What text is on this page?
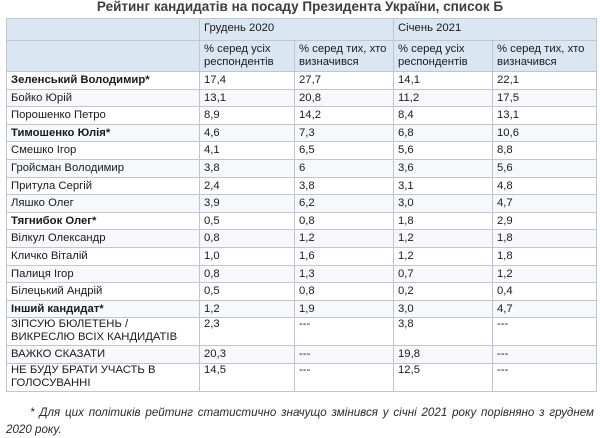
Рейтинг кандидатів на посаду Президента України, список Б
	Грудень 2020		Січень 2021	
	% серед усіх респондентів	% серед тих, хто визначився	% серед усіх респондентів	% серед тих, хто визначився
Зеленський Володимир*	17,4	27,7	14,1	22,1
Бойко Юрій	13,1	20,8	11,2	17,5
Порошенко Петро	8,9	14,2	8,4	13,1
Тимошенко Юлія*	4,6	7,3	6,8	10,6
Смешко Ігор	4,1	6,5	5,6	8,8
Гройсман Володимир	3,8	6	3,6	5,6
Притула Сергій	2,4	3,8	3,1	4,8
Ляшко Олег	3,9	6,2	3,0	4,7
Тягнибок Олег*	0,5	0,8	1,8	2,9
Вілкул Олександр	0,8	1,2	1,2	1,8
Кличко Віталій	1,0	1,6	1,2	1,8
Палиця Ігор	0,8	1,3	0,7	1,2
Білецький Андрій	0,5	0,8	0,2	0,4
Інший кандидат*	1,2	1,9	3,0	4,7
ЗІПСУЮ БЮЛЕТЕНЬ / ВИКРЕСЛЮ ВСІХ КАНДИДАТІВ	2,3	---	3,8	---
ВАЖКО СКАЗАТИ	20,3	---	19,8	---
НЕ БУДУ БРАТИ УЧАСТЬ В ГОЛОСУВАННІ	14,5	---	12,5	---
* Для цих політиків рейтинг статистично значущо змінився у січні 2021 року порівняно з груднем 2020 року.
